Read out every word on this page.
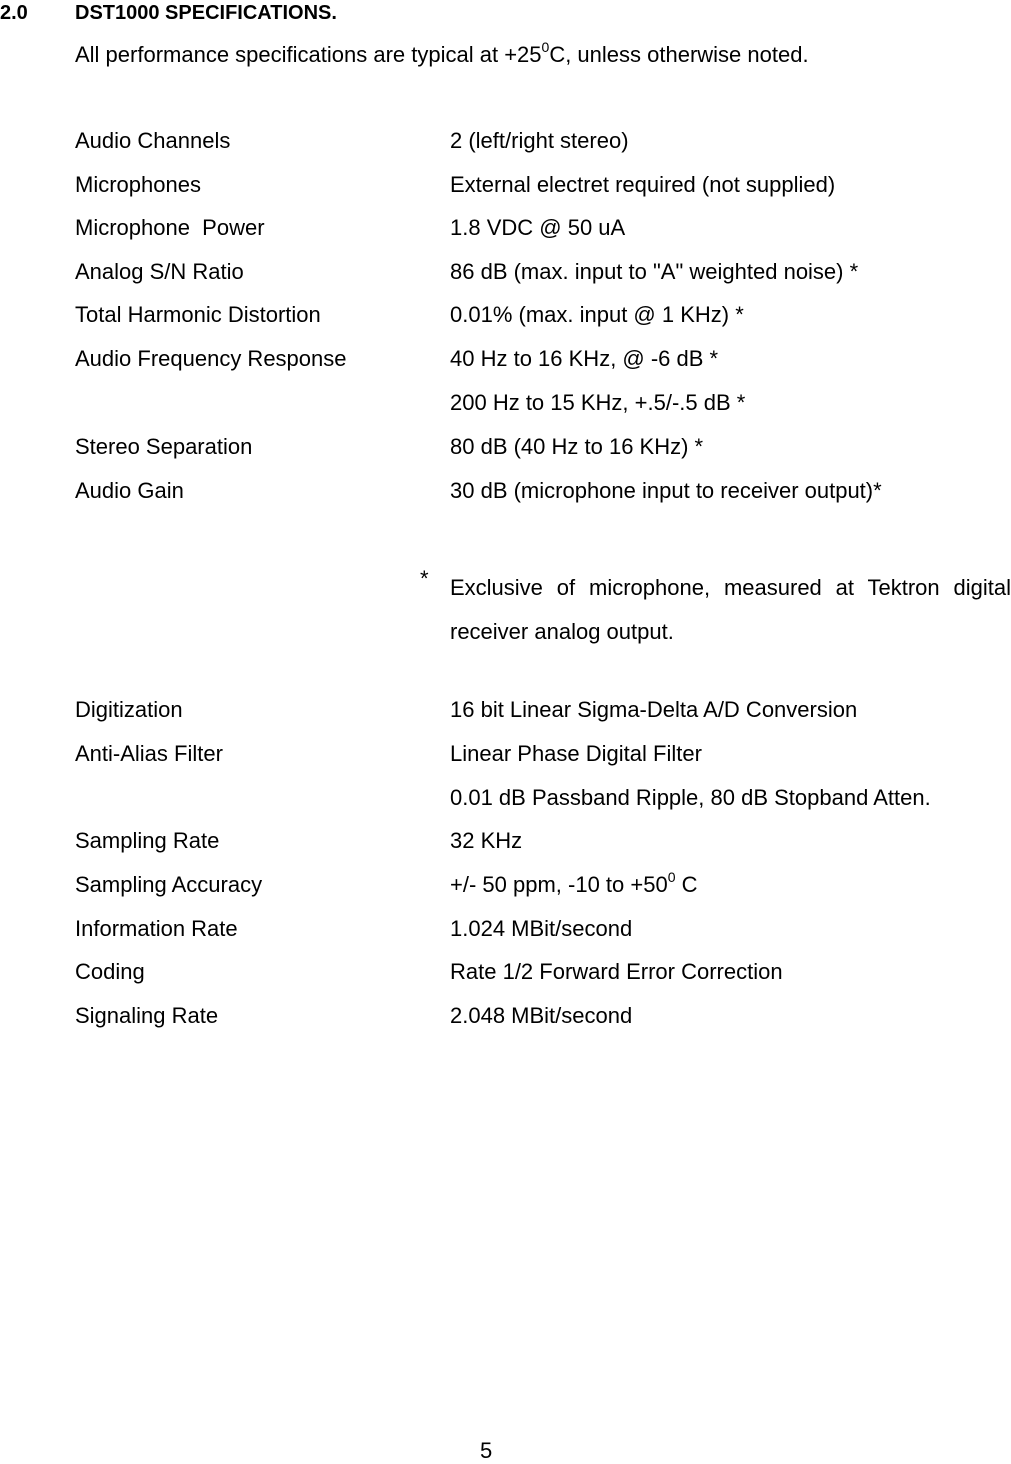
2.0 DST1000 SPECIFICATIONS.
All performance specifications are typical at $+25^0C$, unless otherwise noted.
Audio Channels	2 (left/right stereo)
Microphones	External electret required (not supplied)
Microphone  Power	1.8 VDC @ 50 uA
Analog S/N Ratio	86 dB (max. input to "A" weighted noise) *
Total Harmonic Distortion	0.01% (max. input @ 1 KHz) *
Audio Frequency Response	40 Hz to 16 KHz, @ -6 dB *
200 Hz to 15 KHz, +.5/-.5 dB *
Stereo Separation	80 dB (40 Hz to 16 KHz) *
Audio Gain	30 dB (microphone input to receiver output)*
* Exclusive of microphone, measured at Tektron digital receiver analog output.
Digitization	16 bit Linear Sigma-Delta A/D Conversion
Anti-Alias Filter	Linear Phase Digital Filter
0.01 dB Passband Ripple, 80 dB Stopband Atten.
Sampling Rate	32 KHz
Sampling Accuracy	+/- 50 ppm, -10 to $+50^0$ C
Information Rate	1.024 MBit/second
Coding	Rate 1/2 Forward Error Correction
Signaling Rate	2.048 MBit/second
5
